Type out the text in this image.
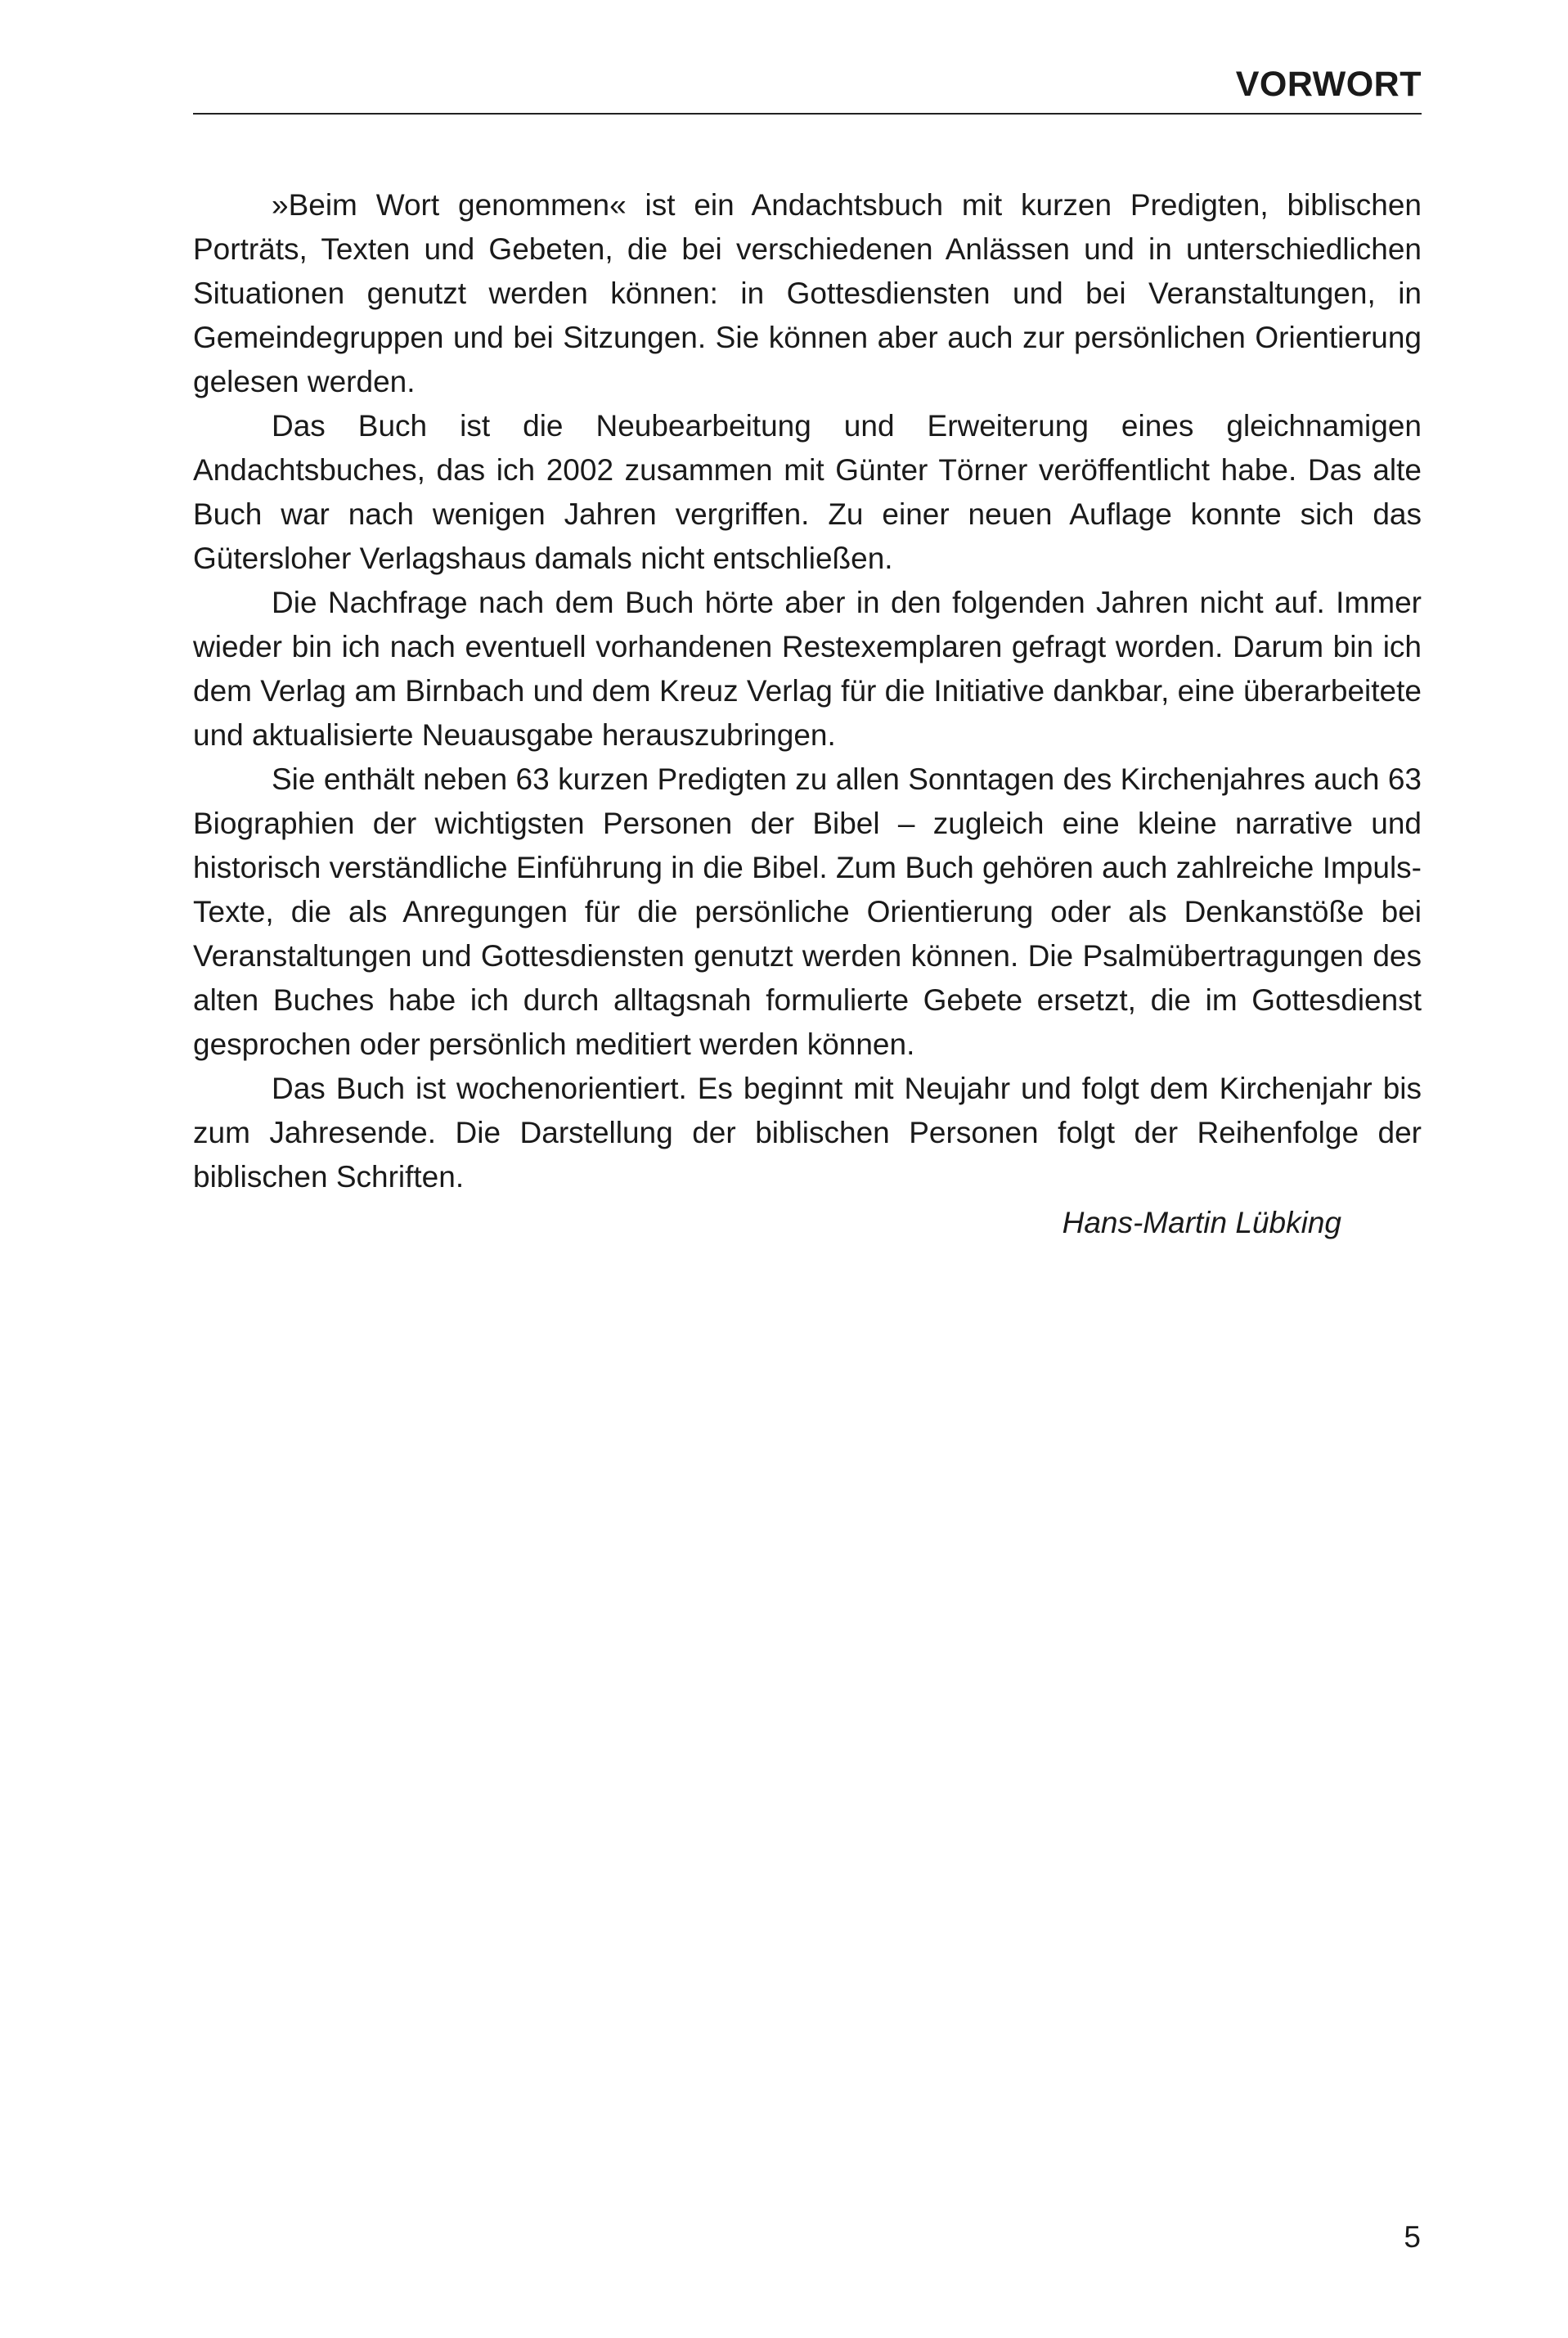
VORWORT

»Beim Wort genommen« ist ein Andachtsbuch mit kurzen Predigten, biblischen Porträts, Texten und Gebeten, die bei verschiedenen Anlässen und in unterschiedlichen Situationen genutzt werden können: in Gottesdiensten und bei Veranstaltungen, in Gemeindegruppen und bei Sitzungen. Sie können aber auch zur persönlichen Orientierung gelesen werden.

Das Buch ist die Neubearbeitung und Erweiterung eines gleichnamigen Andachtsbuches, das ich 2002 zusammen mit Günter Törner veröffentlicht habe. Das alte Buch war nach wenigen Jahren vergriffen. Zu einer neuen Auflage konnte sich das Gütersloher Verlagshaus damals nicht entschließen.

Die Nachfrage nach dem Buch hörte aber in den folgenden Jahren nicht auf. Immer wieder bin ich nach eventuell vorhandenen Restexemplaren gefragt worden. Darum bin ich dem Verlag am Birnbach und dem Kreuz Verlag für die Initiative dankbar, eine überarbeitete und aktualisierte Neuausgabe herauszubringen.

Sie enthält neben 63 kurzen Predigten zu allen Sonntagen des Kirchenjahres auch 63 Biographien der wichtigsten Personen der Bibel – zugleich eine kleine narrative und historisch verständliche Einführung in die Bibel. Zum Buch gehören auch zahlreiche Impuls-Texte, die als Anregungen für die persönliche Orientierung oder als Denkanstöße bei Veranstaltungen und Gottesdiensten genutzt werden können. Die Psalmübertragungen des alten Buches habe ich durch alltagsnah formulierte Gebete ersetzt, die im Gottesdienst gesprochen oder persönlich meditiert werden können.

Das Buch ist wochenorientiert. Es beginnt mit Neujahr und folgt dem Kirchenjahr bis zum Jahresende. Die Darstellung der biblischen Personen folgt der Reihenfolge der biblischen Schriften.

Hans-Martin Lübking
5
